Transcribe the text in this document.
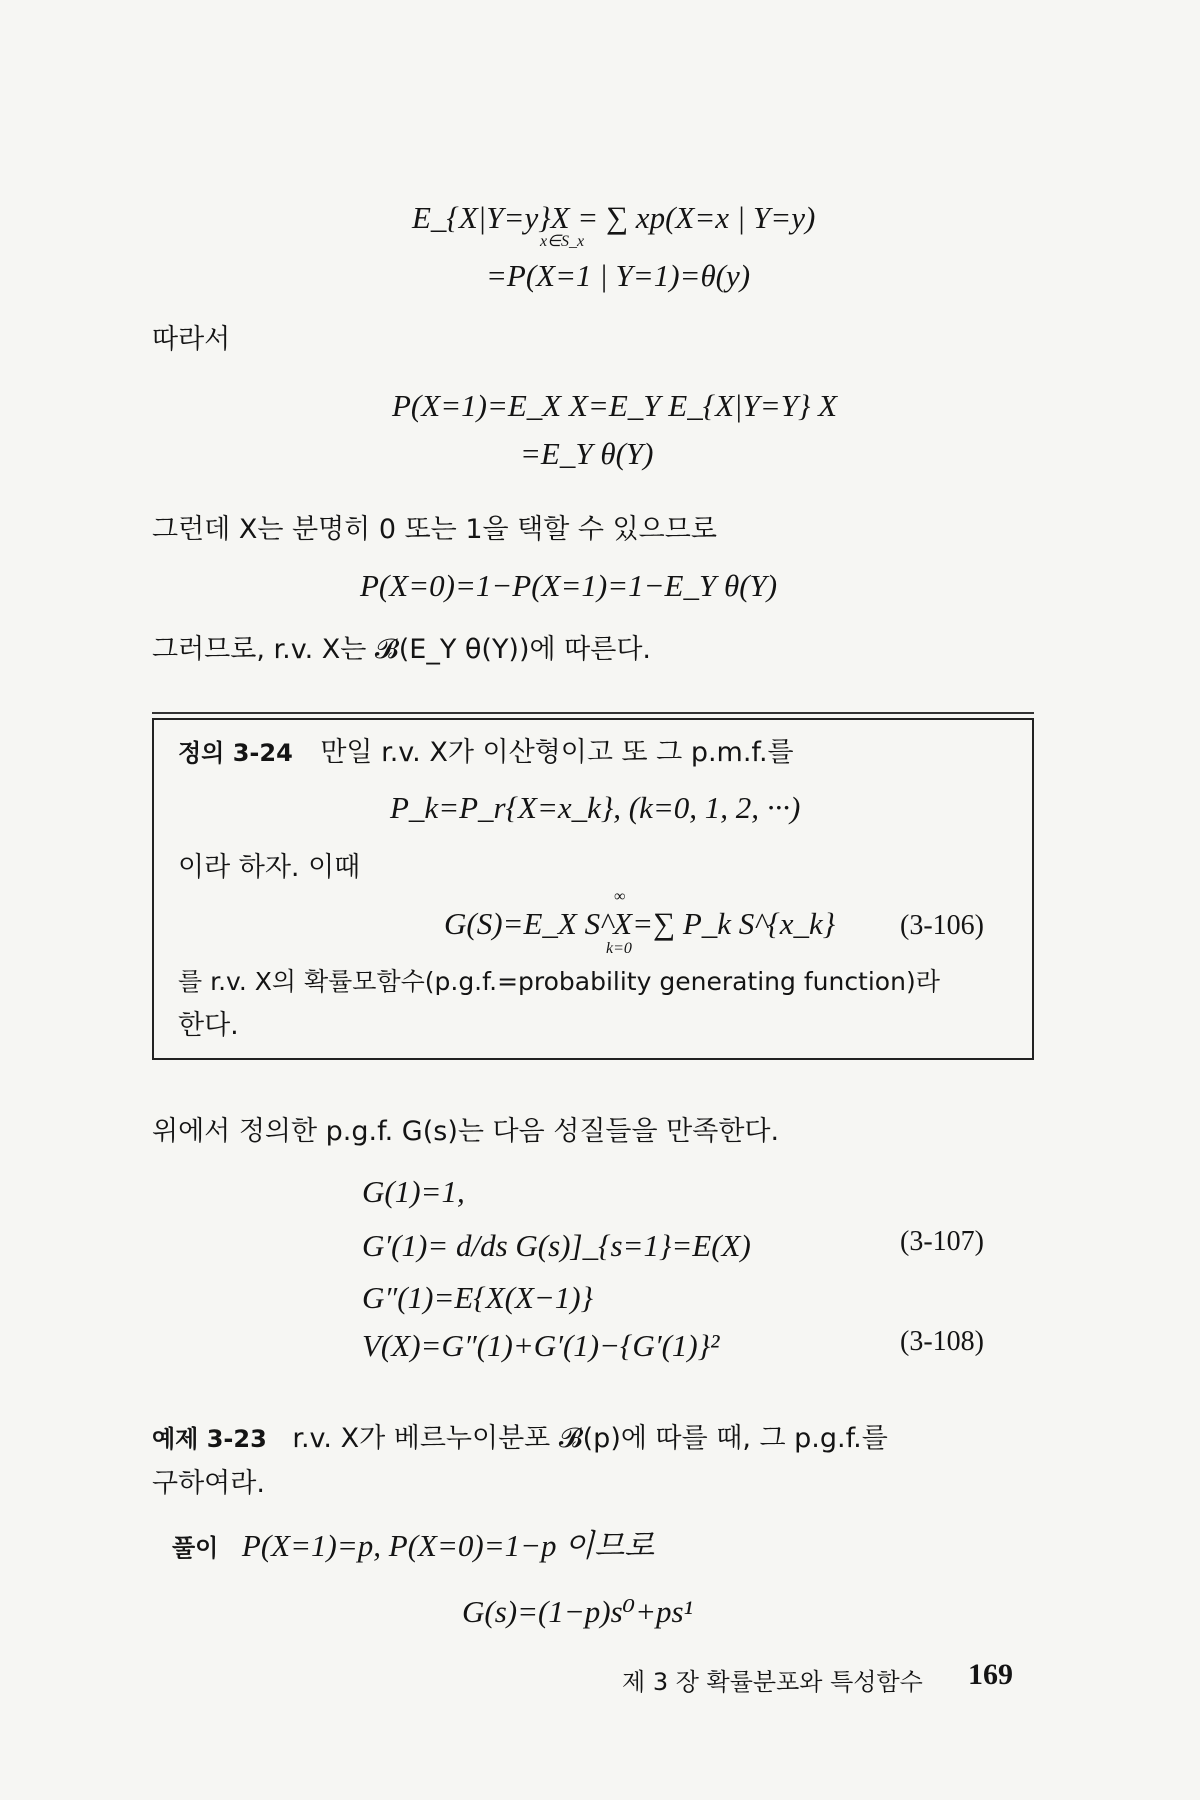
E_{X|Y=y}X = ∑ xp(X=x | Y=y)
x∈S_x
=P(X=1 | Y=1)=θ(y)
따라서
P(X=1)=E_X X=E_Y E_{X|Y=Y} X
=E_Y θ(Y)
그런데 X는 분명히 0 또는 1을 택할 수 있으므로
P(X=0)=1−P(X=1)=1−E_Y θ(Y)
그러므로, r.v. X는 𝓑(E_Y θ(Y))에 따른다.
정의 3-24 만일 r.v. X가 이산형이고 또 그 p.m.f.를
P_k=P_r{X=x_k}, (k=0, 1, 2, ···)
이라 하자. 이때
∞
G(S)=E_X S^X=∑ P_k S^{x_k}
k=0
(3-106)
를 r.v. X의 확률모함수(p.g.f.=probability generating function)라
한다.
위에서 정의한 p.g.f. G(s)는 다음 성질들을 만족한다.
G(1)=1,
G′(1)= d/ds G(s)]_{s=1}=E(X)	(3-107)
G″(1)=E{X(X−1)}
V(X)=G″(1)+G′(1)−{G′(1)}²	(3-108)
예제 3-23 r.v. X가 베르누이분포 𝓑(p)에 따를 때, 그 p.g.f.를
구하여라.
풀이 P(X=1)=p, P(X=0)=1−p 이므로
G(s)=(1−p)s⁰+ps¹
제 3 장 확률분포와 특성함수 169
